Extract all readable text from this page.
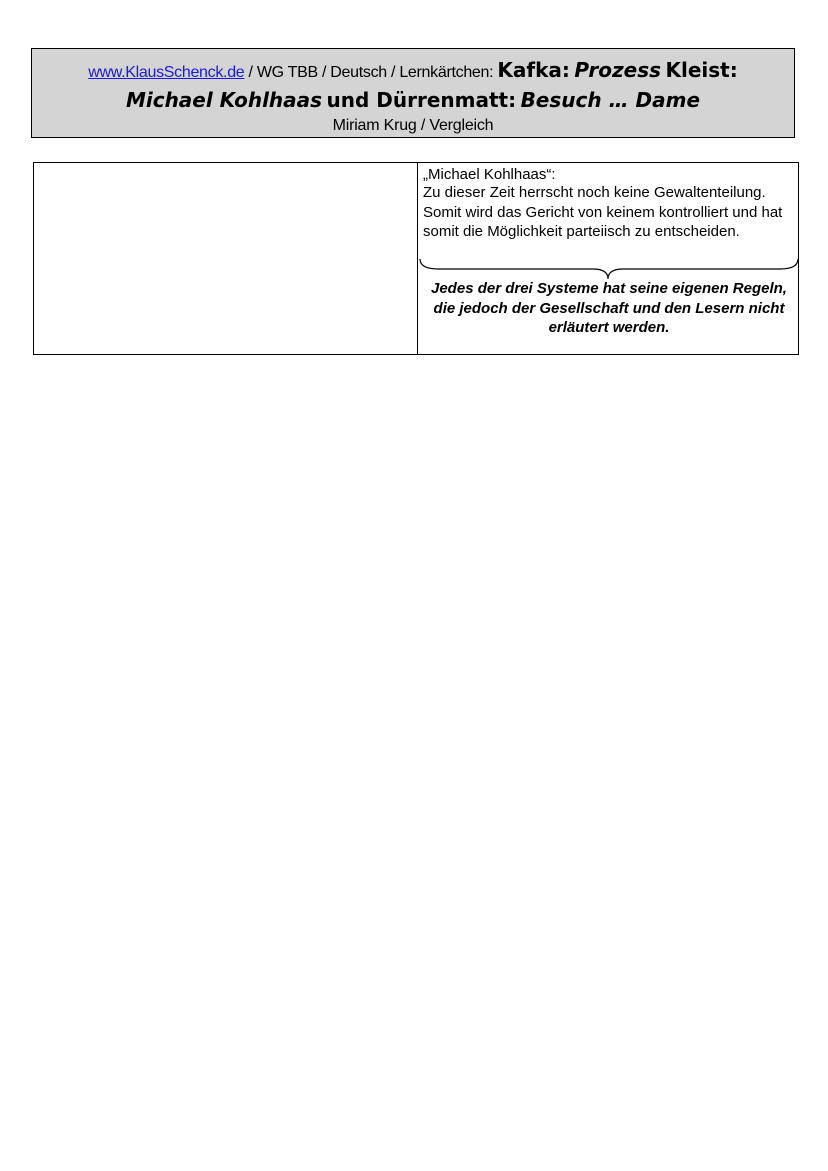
www.KlausSchenck.de / WG TBB / Deutsch / Lernkärtchen: Kafka: Prozess Kleist:
Michael Kohlhaas und Dürrenmatt: Besuch … Dame
Miriam Krug / Vergleich
„Michael Kohlhaas“:
Zu dieser Zeit herrscht noch keine Gewaltenteilung. Somit wird das Gericht von keinem kontrolliert und hat somit die Möglichkeit parteiisch zu entscheiden.
Jedes der drei Systeme hat seine eigenen Regeln, die jedoch der Gesellschaft und den Lesern nicht erläutert werden.
